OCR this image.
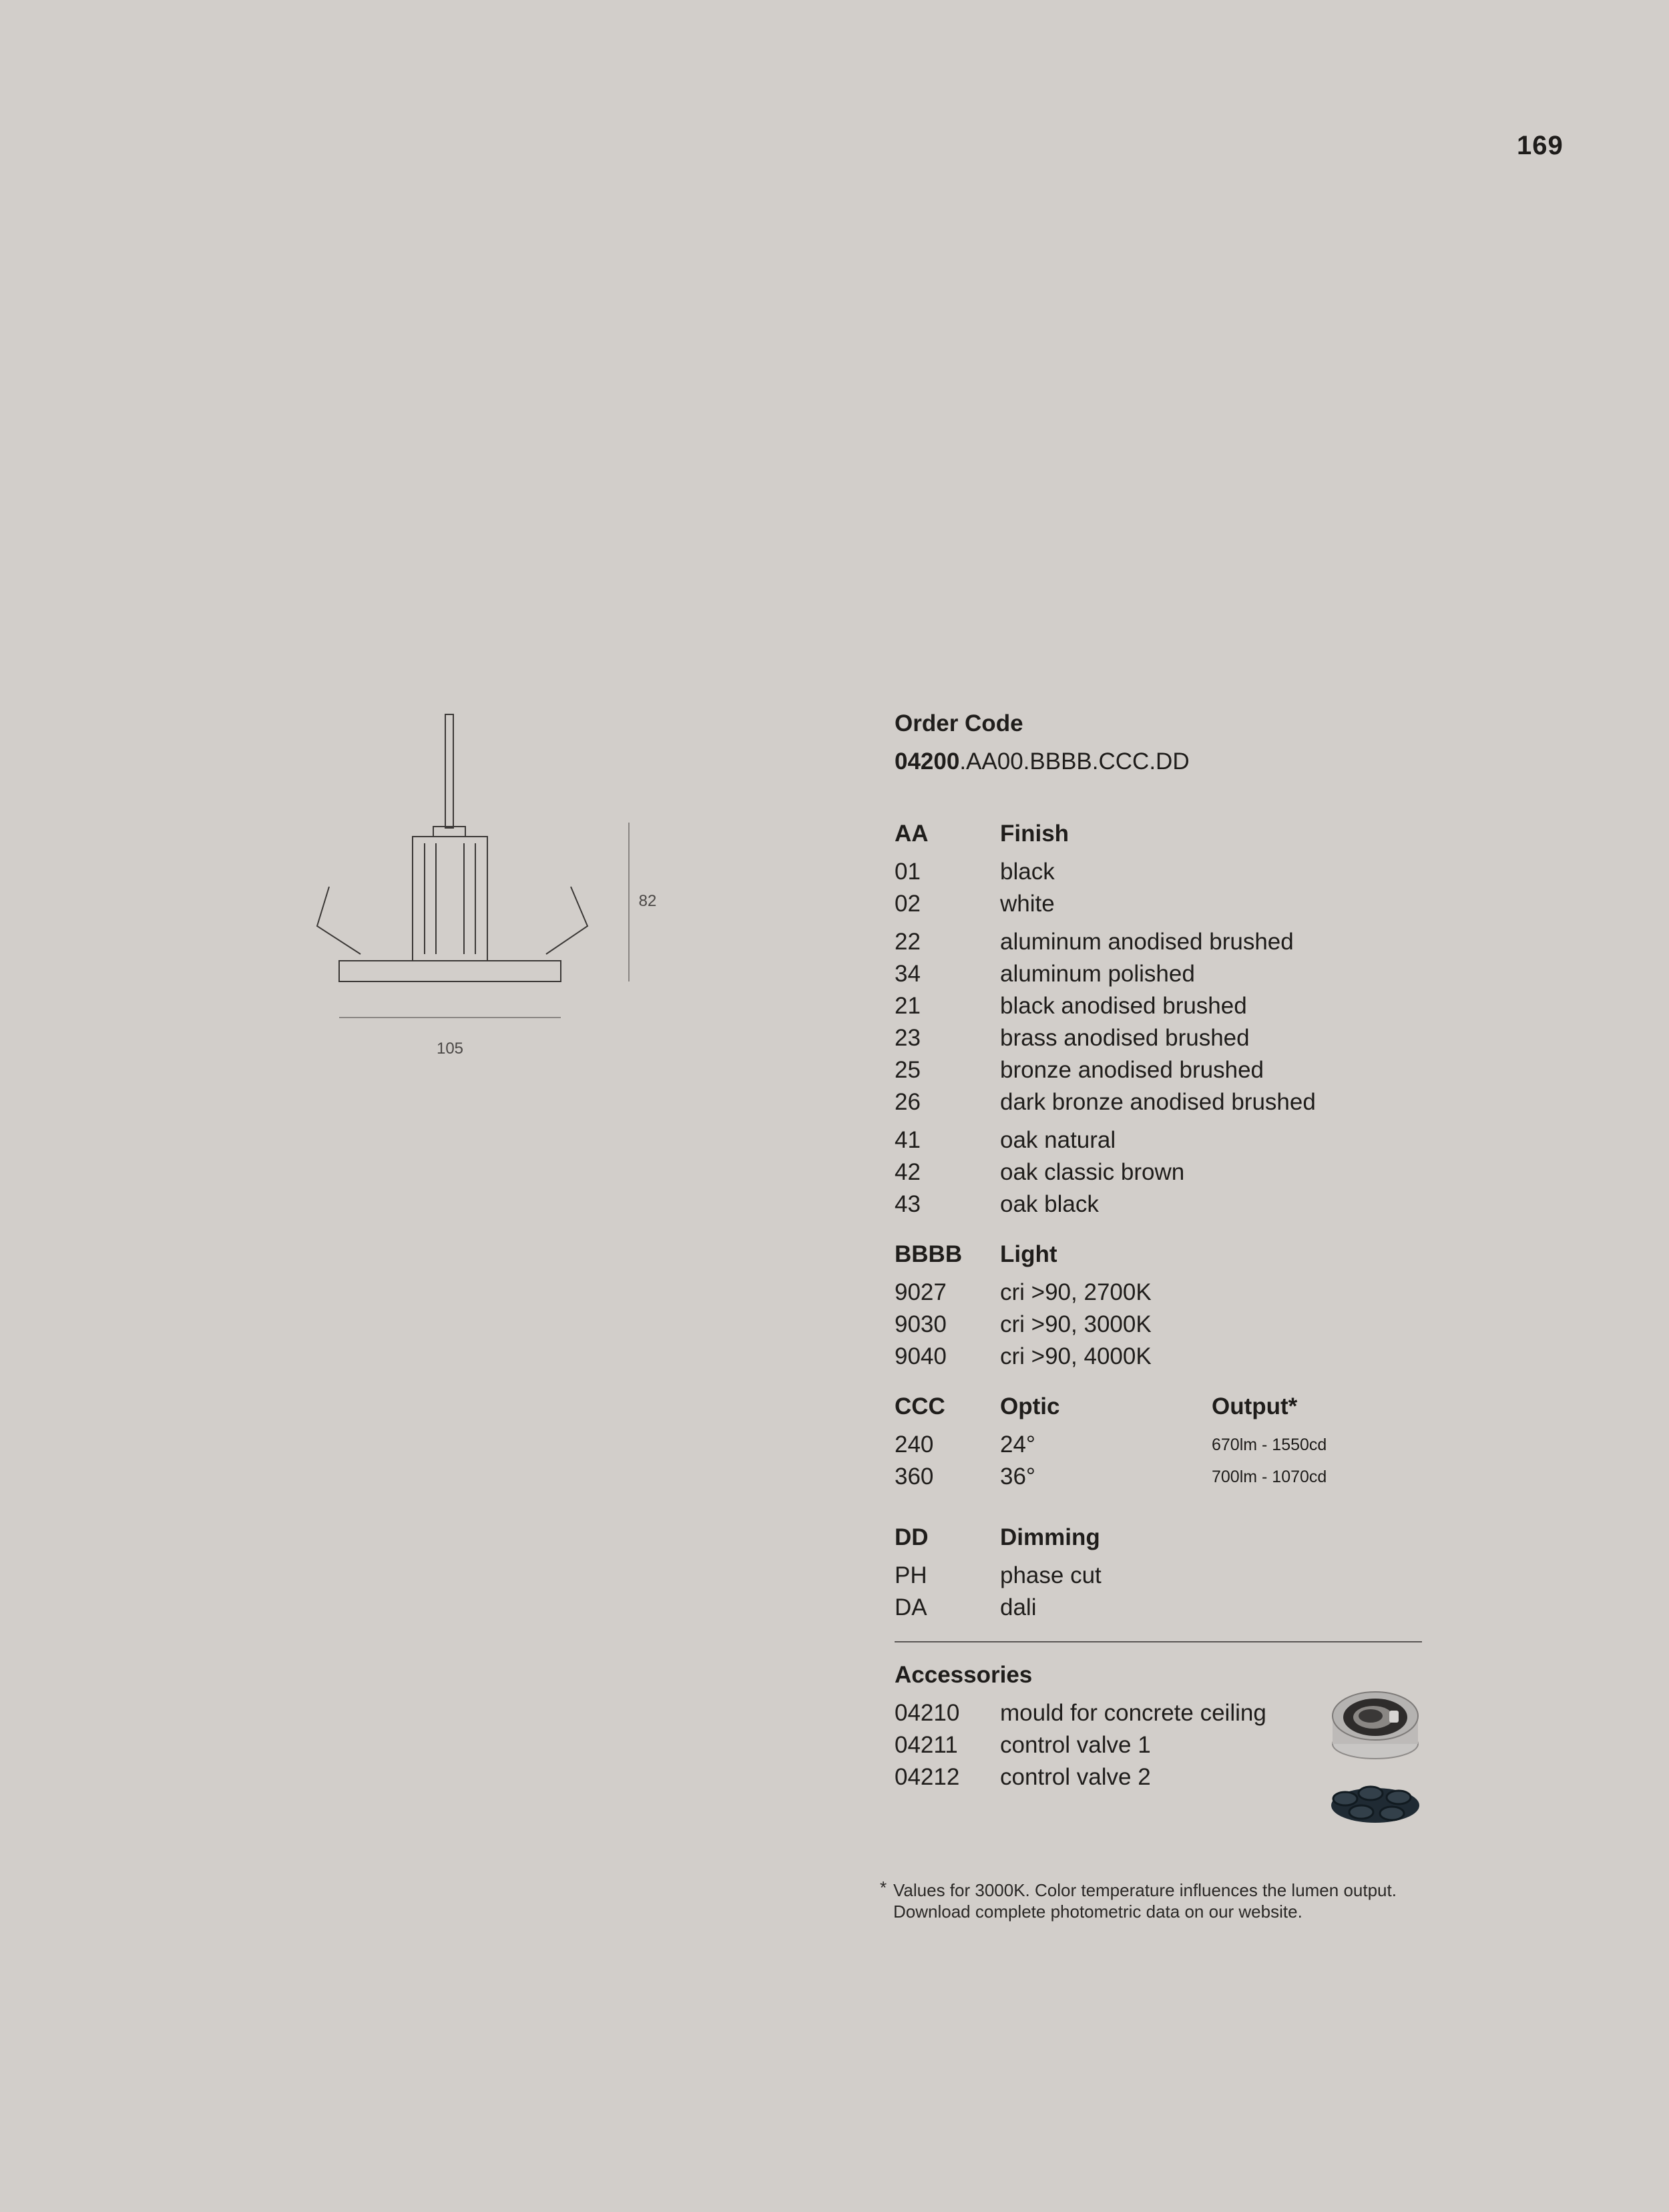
169
82
105
Order Code
04200.AA00.BBBB.CCC.DD
AA	Finish
01	black
02	white
22	aluminum anodised brushed
34	aluminum polished
21	black anodised brushed
23	brass anodised brushed
25	bronze anodised brushed
26	dark bronze anodised brushed
41	oak natural
42	oak classic brown
43	oak black
BBBB Light
9027 cri >90, 2700K
9030 cri >90, 3000K
9040 cri >90, 4000K
CCC Optic	Output*
240	24°	670lm - 1550cd
360	36°	700lm - 1070cd
DD	Dimming
PH	phase cut
DA	dali
Accessories
04210 mould for concrete ceiling
04211 control valve 1
04212 control valve 2
* Values for 3000K. Color temperature influences the lumen output.
Download complete photometric data on our website.
